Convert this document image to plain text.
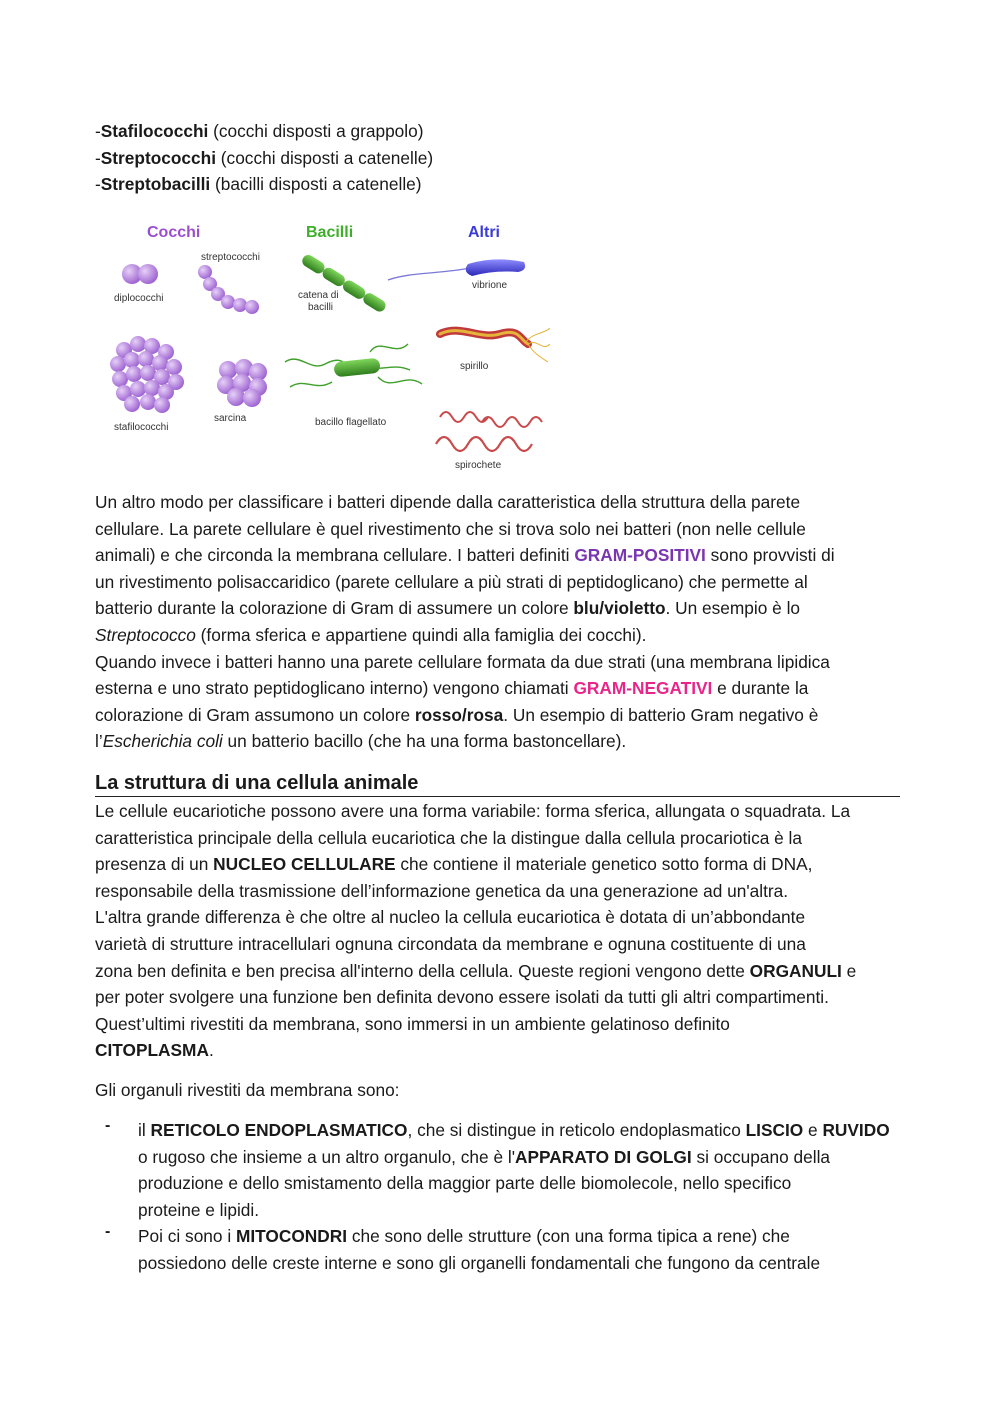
-Stafilococchi (cocchi disposti a grappolo)

-Streptococchi (cocchi disposti a catenelle)

-Streptobacilli (bacilli disposti a catenelle)

Cocchi	Bacilli	Altri
diplococchi
streptococchi
stafilococchi
sarcina
catena di
bacilli
bacillo flagellato
vibrione
spirillo
spirochete

Un altro modo per classificare i batteri dipende dalla caratteristica della struttura della parete

cellulare. La parete cellulare è quel rivestimento che si trova solo nei batteri (non nelle cellule

animali) e che circonda la membrana cellulare. I batteri definiti GRAM-POSITIVI sono provvisti di

un rivestimento polisaccaridico (parete cellulare a più strati di peptidoglicano) che permette al

batterio durante la colorazione di Gram di assumere un colore blu/violetto. Un esempio è lo

Streptococco (forma sferica e appartiene quindi alla famiglia dei cocchi).

Quando invece i batteri hanno una parete cellulare formata da due strati (una membrana lipidica

esterna e uno strato peptidoglicano interno) vengono chiamati GRAM-NEGATIVI e durante la

colorazione di Gram assumono un colore rosso/rosa. Un esempio di batterio Gram negativo è

l’Escherichia coli un batterio bacillo (che ha una forma bastoncellare).

La struttura di una cellula animale

Le cellule eucariotiche possono avere una forma variabile: forma sferica, allungata o squadrata. La

caratteristica principale della cellula eucariotica che la distingue dalla cellula procariotica è la

presenza di un NUCLEO CELLULARE che contiene il materiale genetico sotto forma di DNA,

responsabile della trasmissione dell’informazione genetica da una generazione ad un'altra.

L'altra grande differenza è che oltre al nucleo la cellula eucariotica è dotata di un’abbondante

varietà di strutture intracellulari ognuna circondata da membrane e ognuna costituente di una

zona ben definita e ben precisa all'interno della cellula. Queste regioni vengono dette ORGANULI e

per poter svolgere una funzione ben definita devono essere isolati da tutti gli altri compartimenti.

Quest’ultimi rivestiti da membrana, sono immersi in un ambiente gelatinoso definito

CITOPLASMA.

Gli organuli rivestiti da membrana sono:

- il RETICOLO ENDOPLASMATICO, che si distingue in reticolo endoplasmatico LISCIO e RUVIDO

o rugoso che insieme a un altro organulo, che è l'APPARATO DI GOLGI si occupano della

produzione e dello smistamento della maggior parte delle biomolecole, nello specifico

proteine e lipidi.

- Poi ci sono i MITOCONDRI che sono delle strutture (con una forma tipica a rene) che

possiedono delle creste interne e sono gli organelli fondamentali che fungono da centrale
